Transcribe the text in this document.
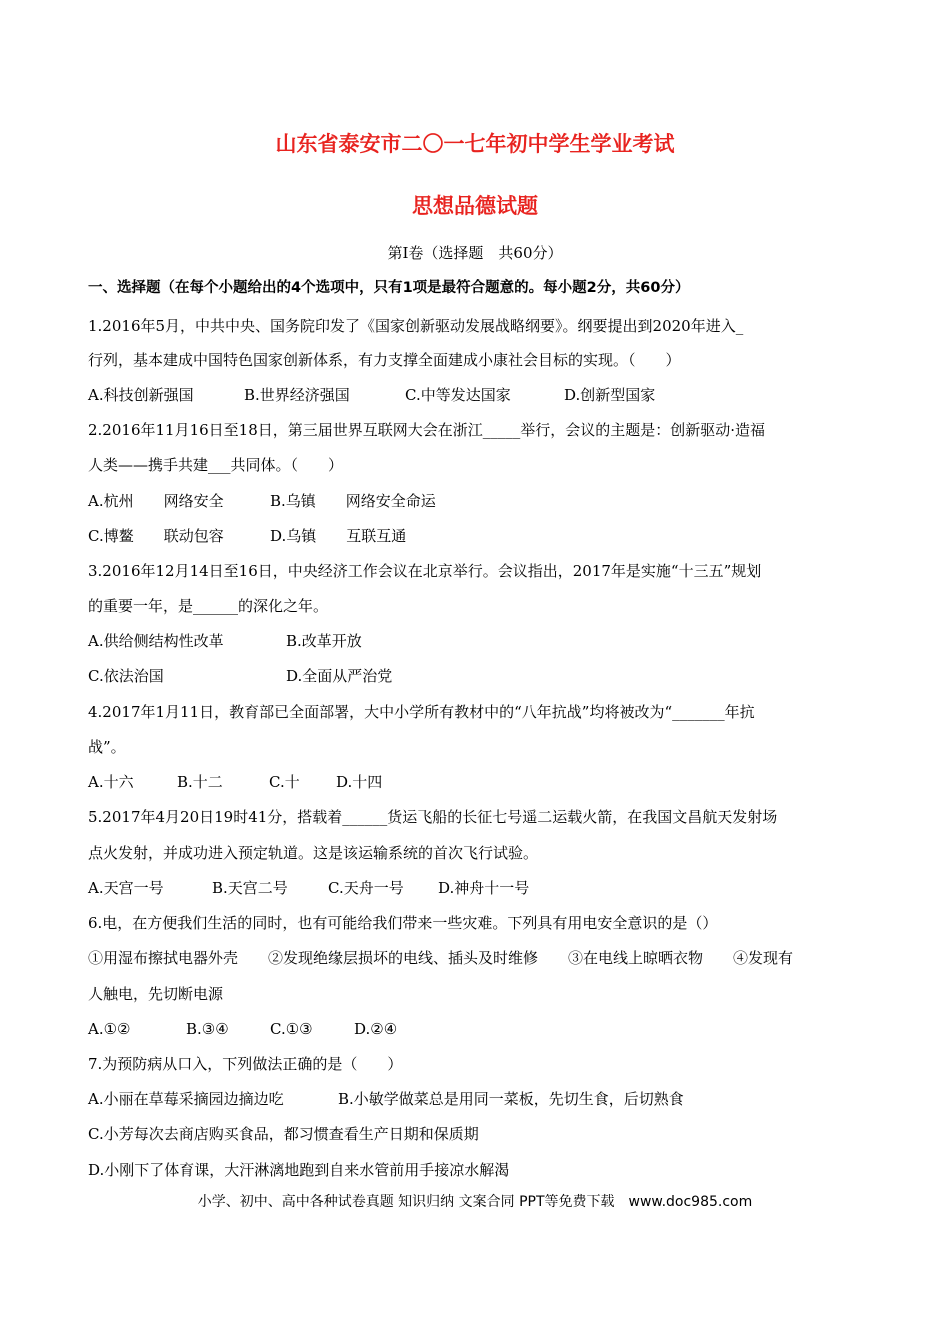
山东省泰安市二〇一七年初中学生学业考试
思想品德试题
第Ⅰ卷（选择题　共60分）
一、选择题（在每个小题给出的4个选项中，只有1项是最符合题意的。每小题2分，共60分）
1.2016年5月，中共中央、国务院印发了《国家创新驱动发展战略纲要》。纲要提出到2020年进入_
行列，基本建成中国特色国家创新体系，有力支撑全面建成小康社会目标的实现。（　　）
A.科技创新强国	B.世界经济强国	C.中等发达国家	D.创新型国家
2.2016年11月16日至18日，第三届世界互联网大会在浙江_____举行，会议的主题是：创新驱动·造福
人类——携手共建___共同体。（　　）
A.杭州　　网络安全	B.乌镇　　网络安全命运
C.博鳌　　联动包容	D.乌镇　　互联互通
3.2016年12月14日至16日，中央经济工作会议在北京举行。会议指出，2017年是实施“十三五”规划
的重要一年，是______的深化之年。
A.供给侧结构性改革	B.改革开放
C.依法治国	D.全面从严治党
4.2017年1月11日，教育部已全面部署，大中小学所有教材中的“八年抗战”均将被改为“_______年抗
战”。
A.十六	B.十二	C.十 D.十四
5.2017年4月20日19时41分，搭载着______货运飞船的长征七号遥二运载火箭，在我国文昌航天发射场
点火发射，并成功进入预定轨道。这是该运输系统的首次飞行试验。
A.天宫一号	B.天宫二号	C.天舟一号 D.神舟十一号
6.电，在方便我们生活的同时，也有可能给我们带来一些灾难。下列具有用电安全意识的是（）
①用湿布擦拭电器外壳　　②发现绝缘层损坏的电线、插头及时维修　　③在电线上晾晒衣物　　④发现有
人触电，先切断电源
A.①②	B.③④	C.①③	D.②④
7.为预防病从口入，下列做法正确的是（　　）
A.小丽在草莓采摘园边摘边吃	B.小敏学做菜总是用同一菜板，先切生食，后切熟食
C.小芳每次去商店购买食品，都习惯查看生产日期和保质期
D.小刚下了体育课，大汗淋漓地跑到自来水管前用手接凉水解渴
小学、初中、高中各种试卷真题 知识归纳 文案合同 PPT等免费下载　www.doc985.com
